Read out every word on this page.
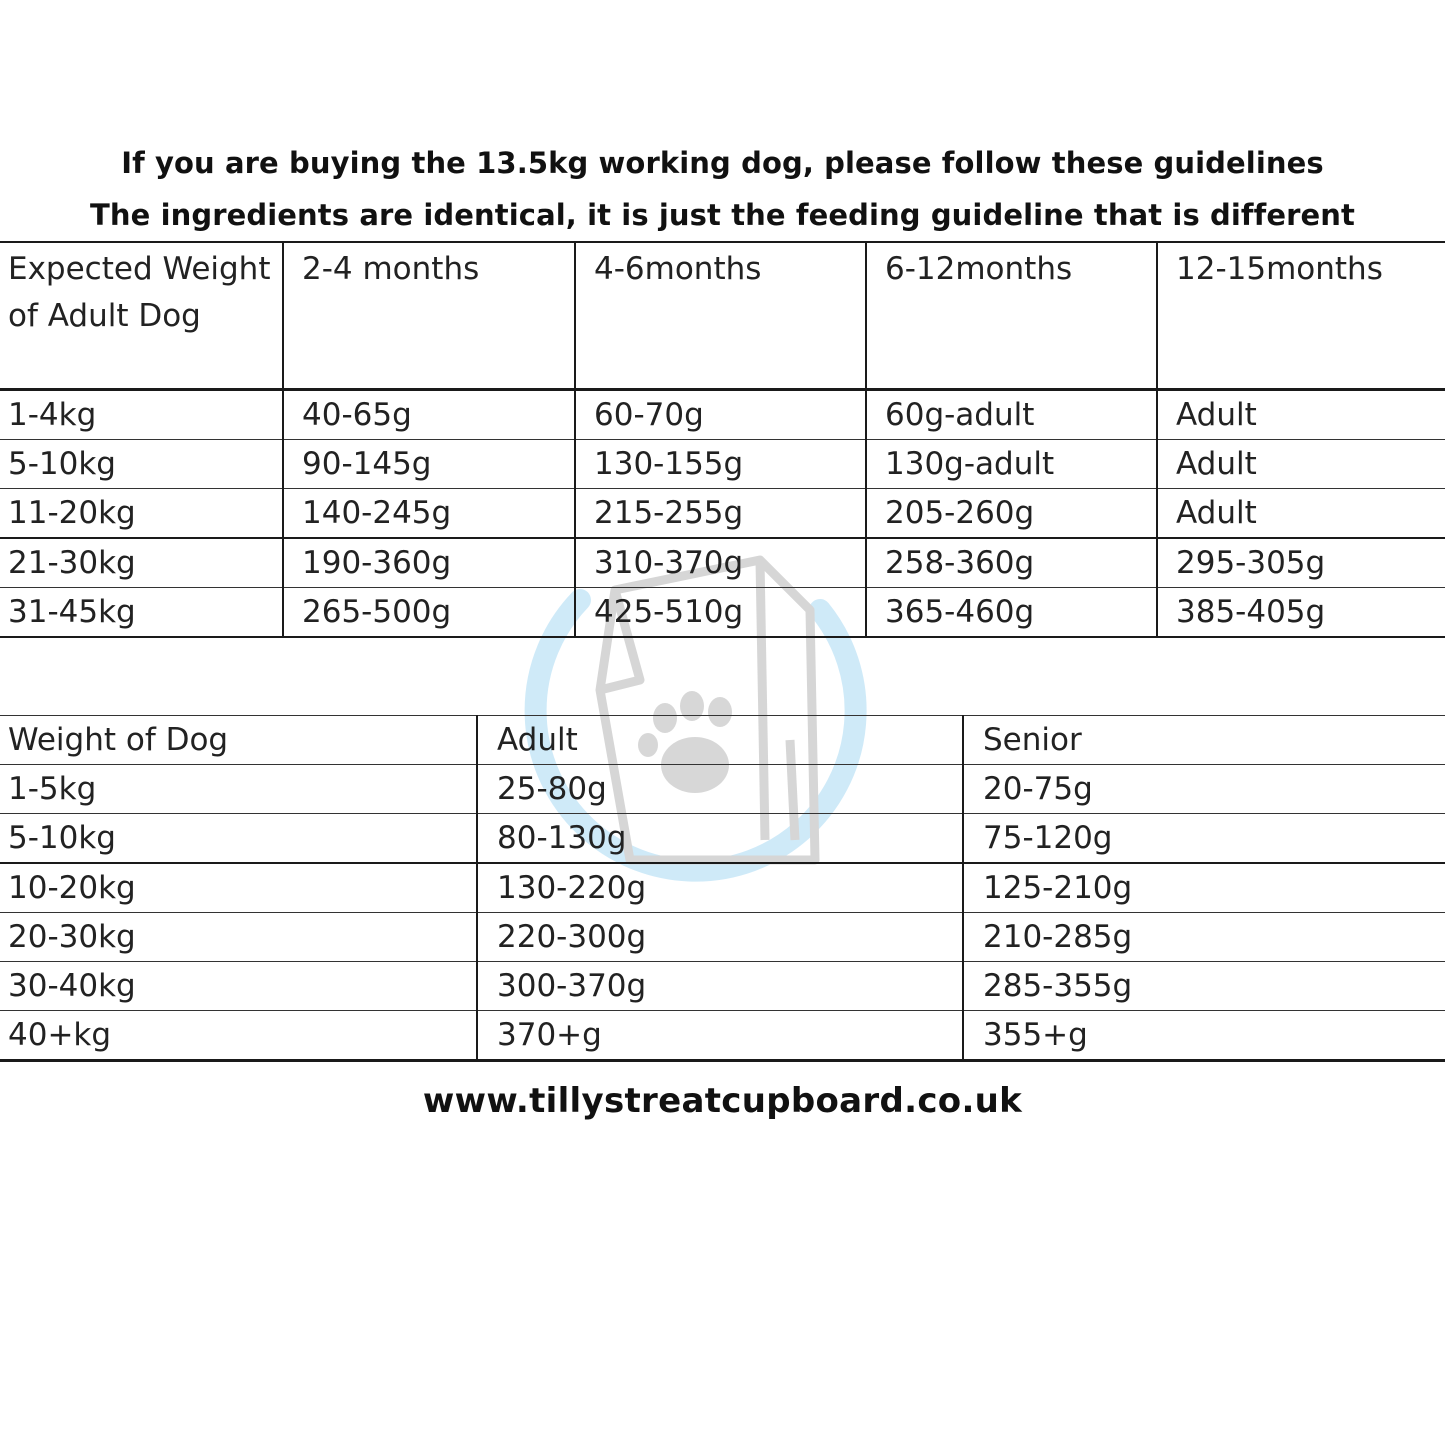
If you are buying the 13.5kg working dog, please follow these guidelines
The ingredients are identical, it is just the feeding guideline that is different
Expected Weight of Adult Dog	2-4 months	4-6months	6-12months	12-15months
1-4kg	40-65g	60-70g	60g-adult	Adult
5-10kg	90-145g	130-155g	130g-adult	Adult
11-20kg	140-245g	215-255g	205-260g	Adult
21-30kg	190-360g	310-370g	258-360g	295-305g
31-45kg	265-500g	425-510g	365-460g	385-405g
Weight of Dog	Adult	Senior
1-5kg	25-80g	20-75g
5-10kg	80-130g	75-120g
10-20kg	130-220g	125-210g
20-30kg	220-300g	210-285g
30-40kg	300-370g	285-355g
40+kg	370+g	355+g
www.tillystreatcupboard.co.uk
